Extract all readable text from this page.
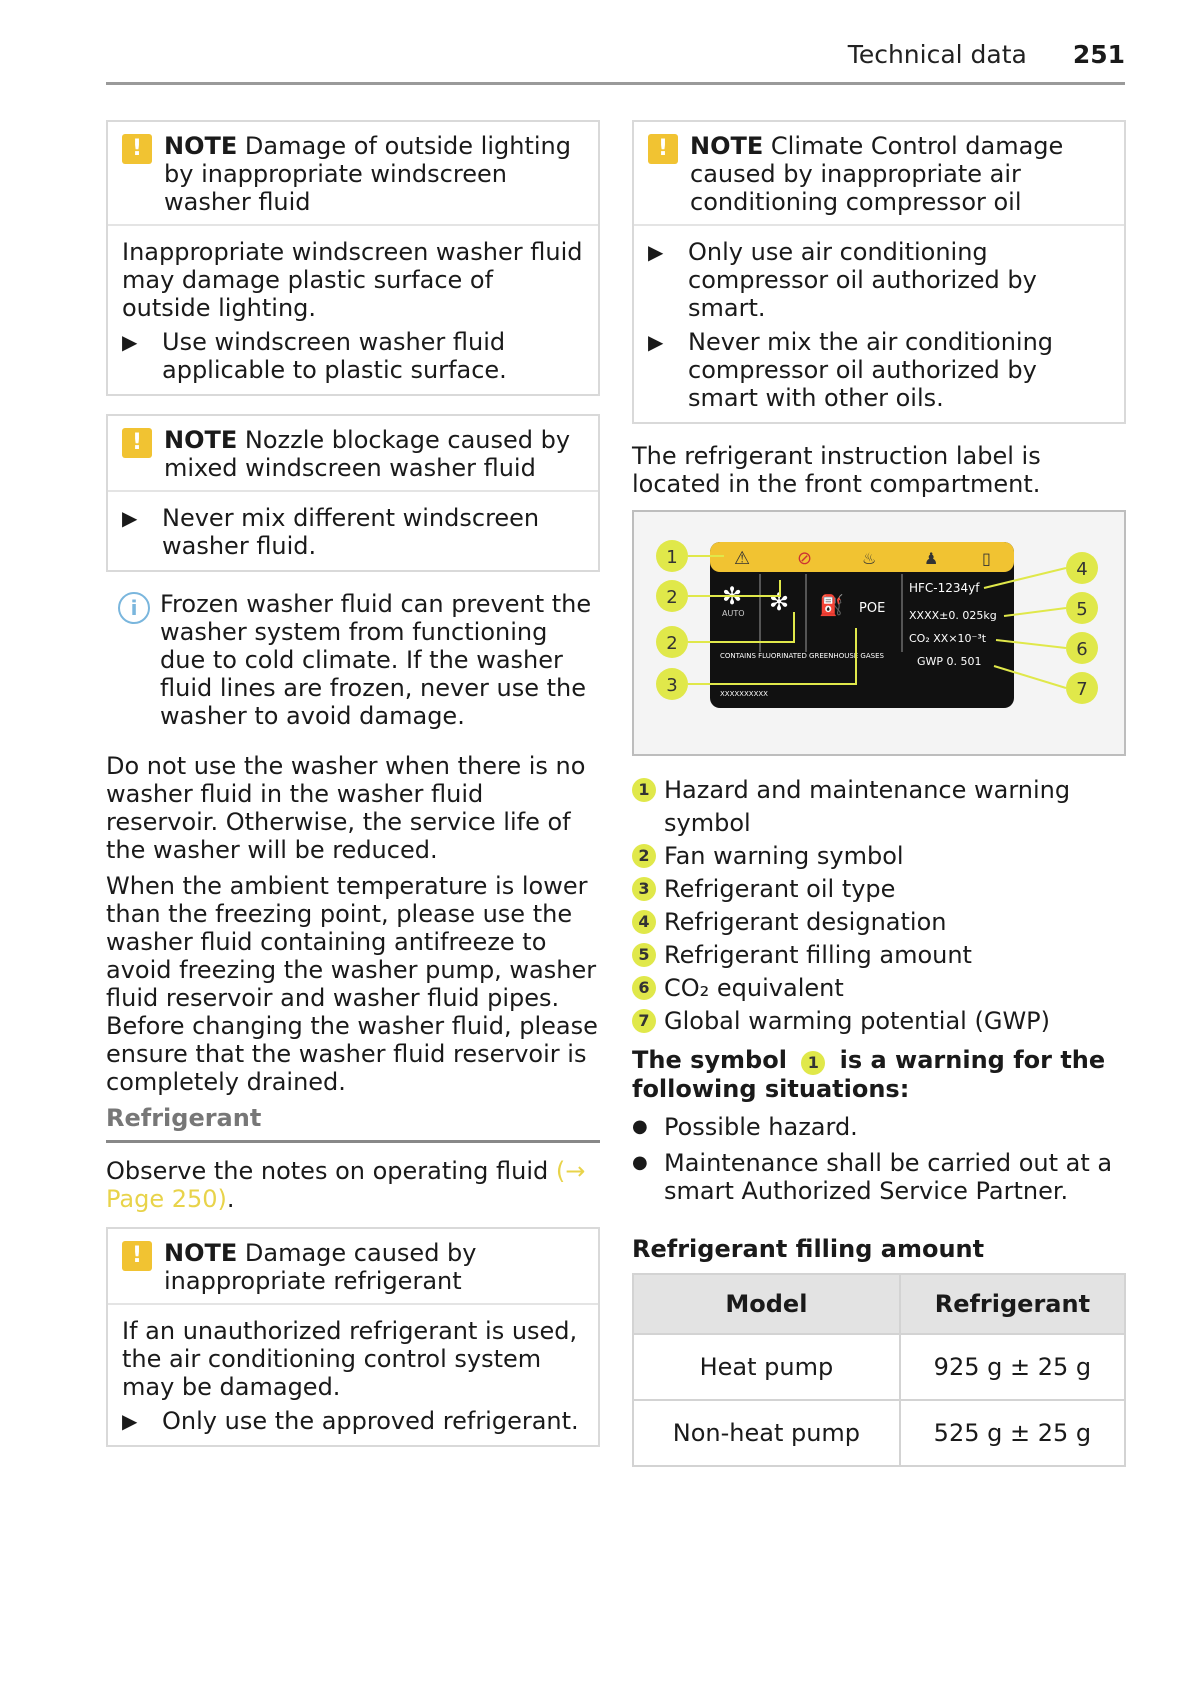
Technical data 251
! NOTE Damage of outside lighting by inappropriate windscreen washer fluid
Inappropriate windscreen washer fluid may damage plastic surface of outside lighting.
▶	Use windscreen washer fluid applicable to plastic surface.
! NOTE Nozzle blockage caused by mixed windscreen washer fluid
▶	Never mix different windscreen washer fluid.
i Frozen washer fluid can prevent the washer system from functioning due to cold climate. If the washer fluid lines are frozen, never use the washer to avoid damage.

Do not use the washer when there is no washer fluid in the washer fluid reservoir. Otherwise, the service life of the washer will be reduced.

When the ambient temperature is lower than the freezing point, please use the washer fluid containing antifreeze to avoid freezing the washer pump, washer fluid reservoir and washer fluid pipes. Before changing the washer fluid, please ensure that the washer fluid reservoir is completely drained.

Refrigerant

Observe the notes on operating fluid (→ Page 250).

! NOTE Damage caused by inappropriate refrigerant
If an unauthorized refrigerant is used, the air conditioning control system may be damaged.
▶	Only use the approved refrigerant.
! NOTE Climate Control damage caused by inappropriate air conditioning compressor oil
▶	Only use air conditioning compressor oil authorized by smart.
▶	Never mix the air conditioning compressor oil authorized by smart with other oils.

The refrigerant instruction label is located in the front compartment.

⚠	⊘	♨	♟	▯
✻
AUTO ✻ ⛽ POE
HFC-1234yf
XXXX±0. 025kg
CO₂ XX×10⁻³t
GWP 0. 501
CONTAINS FLUORINATED GREENHOUSE GASES
XXXXXXXXXX
1
2
2
3
4
5
6
7
1 Hazard and maintenance warning symbol
2 Fan warning symbol
3 Refrigerant oil type
4 Refrigerant designation
5 Refrigerant filling amount
6 CO₂ equivalent
7 Global warming potential (GWP)
The symbol 1 is a warning for the following situations:
● Possible hazard.
● Maintenance shall be carried out at a smart Authorized Service Partner.
Refrigerant filling amount
Model	Refrigerant
Heat pump	925 g ± 25 g
Non-heat pump	525 g ± 25 g
